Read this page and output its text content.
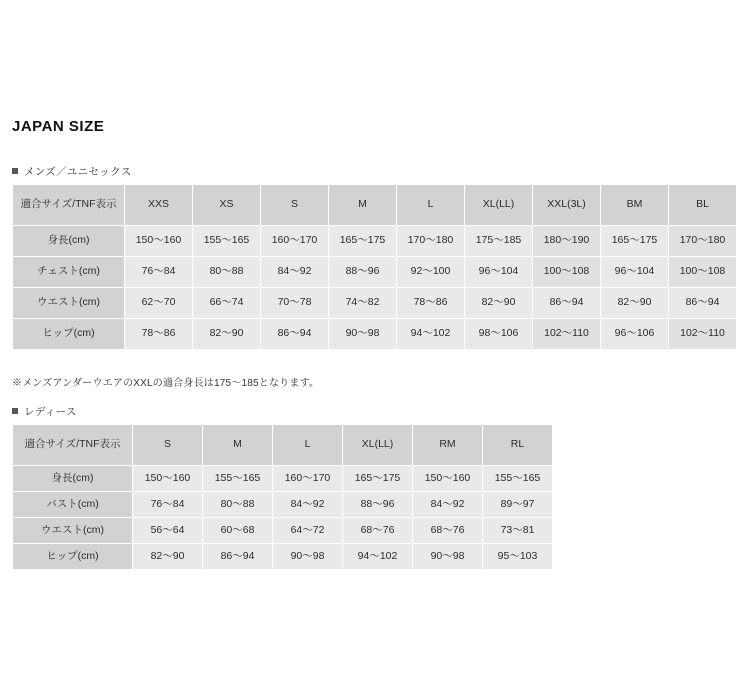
JAPAN SIZE
メンズ／ユニセックス
適合サイズ/TNF表示	XXS	XS	S	M	L	XL(LL)	XXL(3L)	BM	BL
身長(cm)	150〜160	155〜165	160〜170	165〜175	170〜180	175〜185	180〜190	165〜175	170〜180
チェスト(cm)	76〜84	80〜88	84〜92	88〜96	92〜100	96〜104	100〜108	96〜104	100〜108
ウエスト(cm)	62〜70	66〜74	70〜78	74〜82	78〜86	82〜90	86〜94	82〜90	86〜94
ヒップ(cm)	78〜86	82〜90	86〜94	90〜98	94〜102	98〜106	102〜110	96〜106	102〜110
※メンズアンダーウエアのXXLの適合身長は175〜185となります。
レディース
適合サイズ/TNF表示	S	M	L	XL(LL)	RM	RL
身長(cm)	150〜160	155〜165	160〜170	165〜175	150〜160	155〜165
バスト(cm)	76〜84	80〜88	84〜92	88〜96	84〜92	89〜97
ウエスト(cm)	56〜64	60〜68	64〜72	68〜76	68〜76	73〜81
ヒップ(cm)	82〜90	86〜94	90〜98	94〜102	90〜98	95〜103
